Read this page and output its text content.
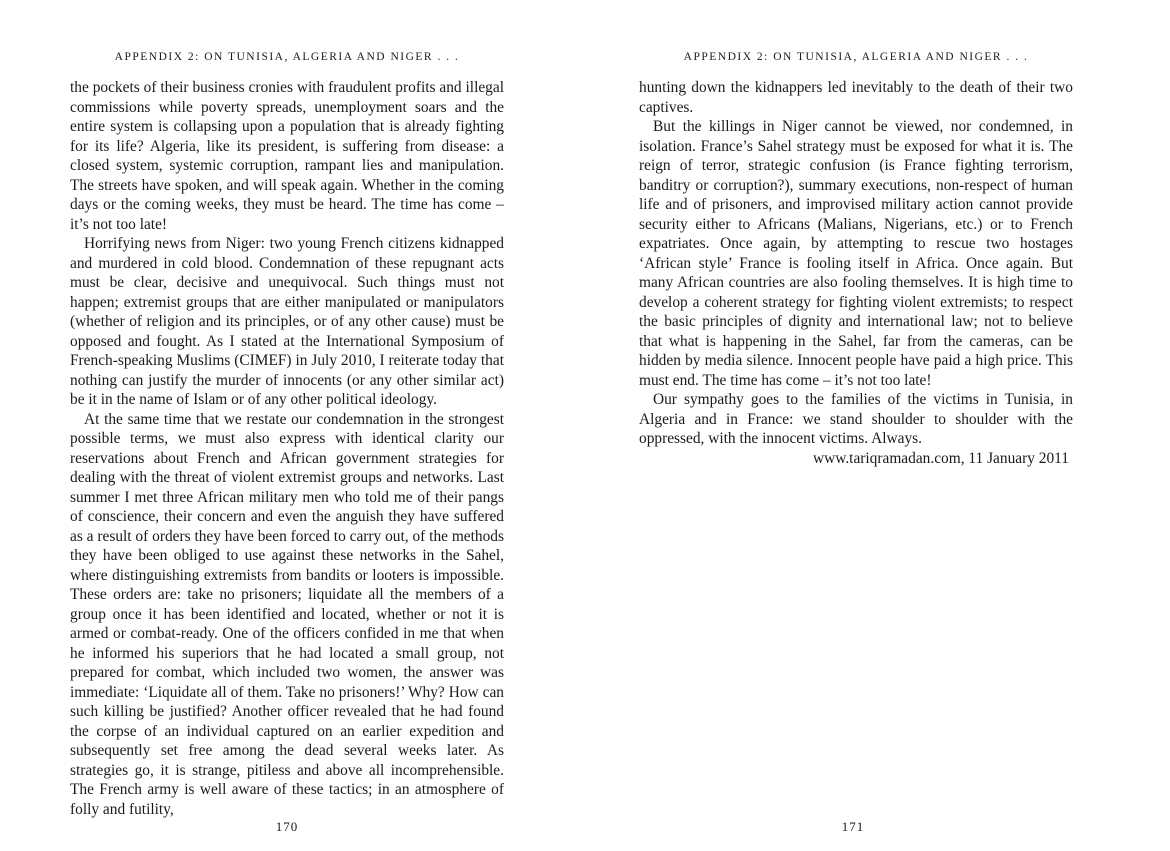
APPENDIX 2: ON TUNISIA, ALGERIA AND NIGER . . .

the pockets of their business cronies with fraudulent profits and illegal commissions while poverty spreads, unemployment soars and the entire system is collapsing upon a population that is already fighting for its life? Algeria, like its president, is suffering from disease: a closed system, systemic corruption, rampant lies and manipulation. The streets have spoken, and will speak again. Whether in the coming days or the coming weeks, they must be heard. The time has come – it’s not too late!

Horrifying news from Niger: two young French citizens kidnapped and murdered in cold blood. Condemnation of these repugnant acts must be clear, decisive and unequivocal. Such things must not happen; extremist groups that are either manipulated or manipulators (whether of religion and its principles, or of any other cause) must be opposed and fought. As I stated at the International Symposium of French-speaking Muslims (CIMEF) in July 2010, I reiterate today that nothing can justify the murder of innocents (or any other similar act) be it in the name of Islam or of any other political ideology.

At the same time that we restate our condemnation in the strongest possible terms, we must also express with identical clarity our reservations about French and African government strategies for dealing with the threat of violent extremist groups and networks. Last summer I met three African military men who told me of their pangs of conscience, their concern and even the anguish they have suffered as a result of orders they have been forced to carry out, of the methods they have been obliged to use against these networks in the Sahel, where distinguishing extremists from bandits or looters is impossible. These orders are: take no prisoners; liquidate all the members of a group once it has been identified and located, whether or not it is armed or combat-ready. One of the officers confided in me that when he informed his superiors that he had located a small group, not prepared for combat, which included two women, the answer was immediate: ‘Liquidate all of them. Take no prisoners!’ Why? How can such killing be justified? Another officer revealed that he had found the corpse of an individual captured on an earlier expedition and subsequently set free among the dead several weeks later. As strategies go, it is strange, pitiless and above all incomprehensible. The French army is well aware of these tactics; in an atmosphere of folly and futility,

170
APPENDIX 2: ON TUNISIA, ALGERIA AND NIGER . . .

hunting down the kidnappers led inevitably to the death of their two captives.

But the killings in Niger cannot be viewed, nor condemned, in isolation. France’s Sahel strategy must be exposed for what it is. The reign of terror, strategic confusion (is France fighting terrorism, banditry or corruption?), summary executions, non-respect of human life and of prisoners, and improvised military action cannot provide security either to Africans (Malians, Nigerians, etc.) or to French expatriates. Once again, by attempting to rescue two hostages ‘African style’ France is fooling itself in Africa. Once again. But many African countries are also fooling themselves. It is high time to develop a coherent strategy for fighting violent extremists; to respect the basic principles of dignity and international law; not to believe that what is happening in the Sahel, far from the cameras, can be hidden by media silence. Innocent people have paid a high price. This must end. The time has come – it’s not too late!

Our sympathy goes to the families of the victims in Tunisia, in Algeria and in France: we stand shoulder to shoulder with the oppressed, with the innocent victims. Always.

www.tariqramadan.com, 11 January 2011

171
